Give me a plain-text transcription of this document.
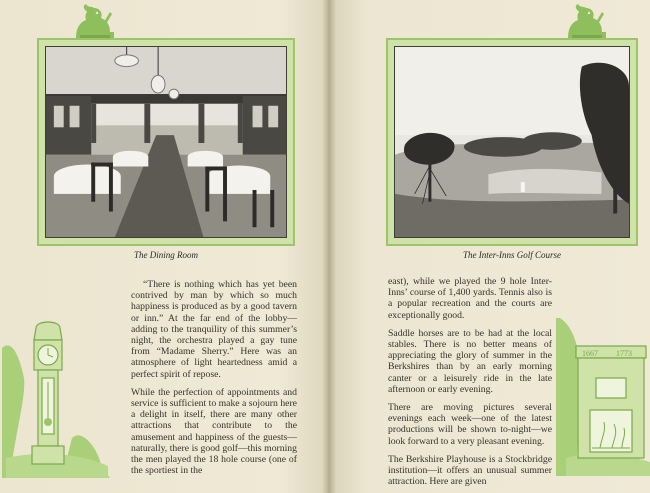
The Dining Room	The Inter-Inns Golf Course

“There is nothing which has yet been contrived by man by which so much happiness is produced as by a good tavern or inn.” At the far end of the lobby—adding to the tranquility of this summer’s night, the orchestra played a gay tune from “Madame Sherry.” Here was an atmosphere of light heartedness amid a perfect spirit of repose.

While the perfection of appointments and service is sufficient to make a sojourn here a delight in itself, there are many other attractions that contribute to the amusement and happiness of the guests—naturally, there is good golf—this morning the men played the 18 hole course (one of the sportiest in the

east), while we played the 9 hole Inter-Inns’ course of 1,400 yards. Tennis also is a popular recreation and the courts are exceptionally good.

Saddle horses are to be had at the local stables. There is no better means of appreciating the glory of summer in the Berkshires than by an early morning canter or a leisurely ride in the late afternoon or early evening.

There are moving pictures several evenings each week—one of the latest productions will be shown to-night—we look forward to a very pleasant evening.

The Berkshire Playhouse is a Stockbridge institution—it offers an unusual summer attraction. Here are given

1667 1773
